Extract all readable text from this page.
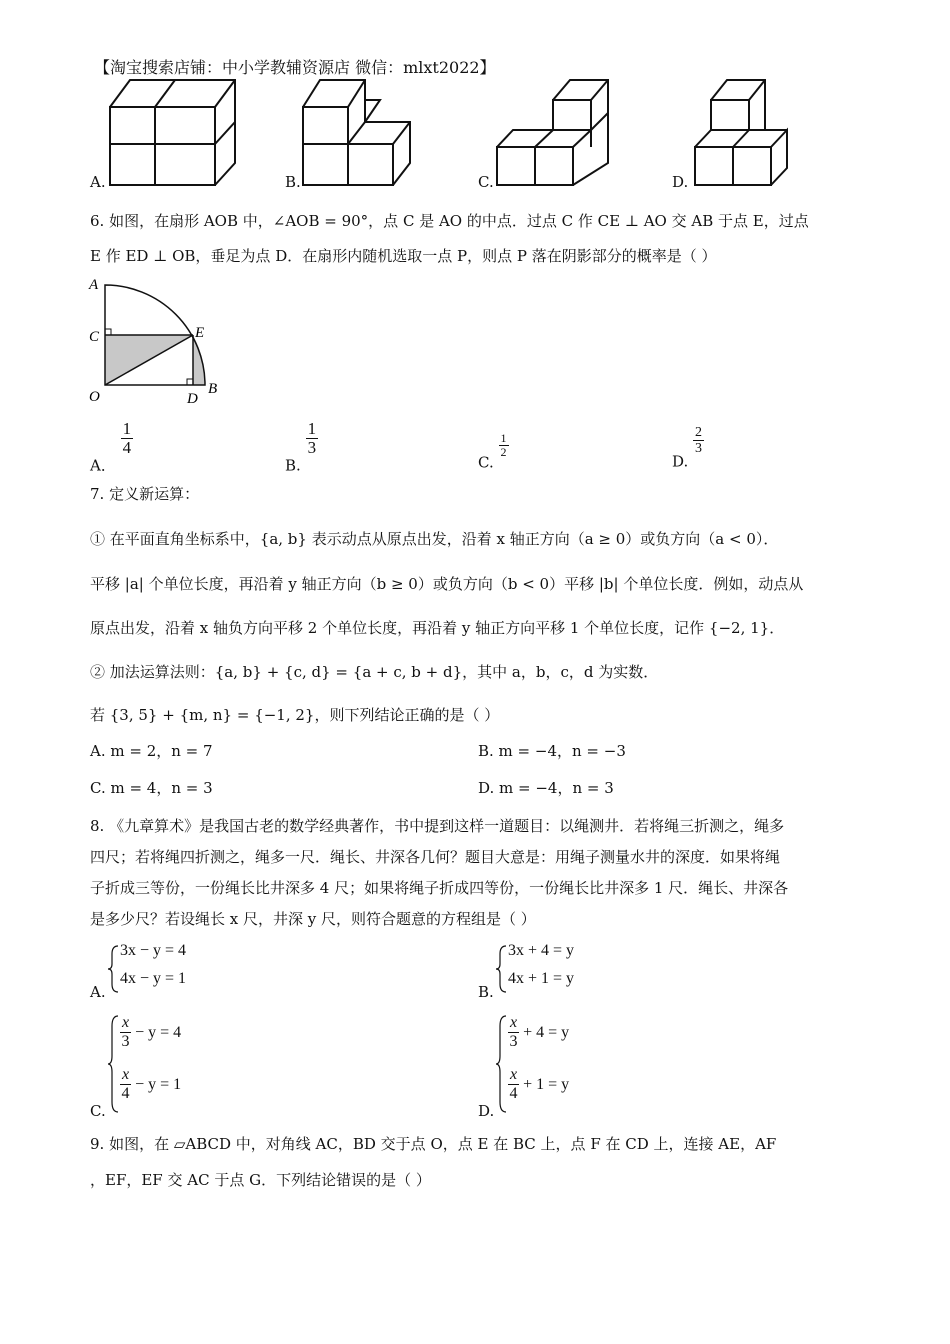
【淘宝搜索店铺：中小学教辅资源店 微信：mlxt2022】
A.	B.	C.	D.
6. 如图，在扇形 AOB 中，∠AOB = 90°，点 C 是 AO 的中点．过点 C 作 CE ⊥ AO 交 AB 于点 E，过点
E 作 ED ⊥ OB，垂足为点 D．在扇形内随机选取一点 P，则点 P 落在阴影部分的概率是（ ）
A
C	E
O	D
B
A．
$\frac{1}{4}$
B.
$\frac{1}{3}$
C.
$\frac{1}{2}$
D.
$\frac{2}{3}$
7. 定义新运算：
① 在平面直角坐标系中，{a, b} 表示动点从原点出发，沿着 x 轴正方向（a ≥ 0）或负方向（a < 0）．
平移 |a| 个单位长度，再沿着 y 轴正方向（b ≥ 0）或负方向（b < 0）平移 |b| 个单位长度．例如，动点从
原点出发，沿着 x 轴负方向平移 2 个单位长度，再沿着 y 轴正方向平移 1 个单位长度，记作 {−2, 1}．
② 加法运算法则：{a, b} + {c, d} = {a + c, b + d}，其中 a，b，c，d 为实数．
若 {3, 5} + {m, n} = {−1, 2}，则下列结论正确的是（ ）
A. m = 2，n = 7	B. m = −4，n = −3
C. m = 4，n = 3	D. m = −4，n = 3
8. 《九章算术》是我国古老的数学经典著作，书中提到这样一道题目：以绳测井．若将绳三折测之，绳多
四尺；若将绳四折测之，绳多一尺．绳长、井深各几何？题目大意是：用绳子测量水井的深度．如果将绳
子折成三等份，一份绳长比井深多 4 尺；如果将绳子折成四等份，一份绳长比井深多 1 尺．绳长、井深各
是多少尺？若设绳长 x 尺，井深 y 尺，则符合题意的方程组是（ ）
A.
3x − y = 4
4x − y = 1
B.
3x + 4 = y
4x + 1 = y
C.
$\frac{x}{3} - y = 4$
$\frac{x}{4} - y = 1$
D.
$\frac{x}{3} + 4 = y$
$\frac{x}{4} + 1 = y$
9. 如图，在 ▱ABCD 中，对角线 AC，BD 交于点 O，点 E 在 BC 上，点 F 在 CD 上，连接 AE，AF
，EF，EF 交 AC 于点 G．下列结论错误的是（ ）
